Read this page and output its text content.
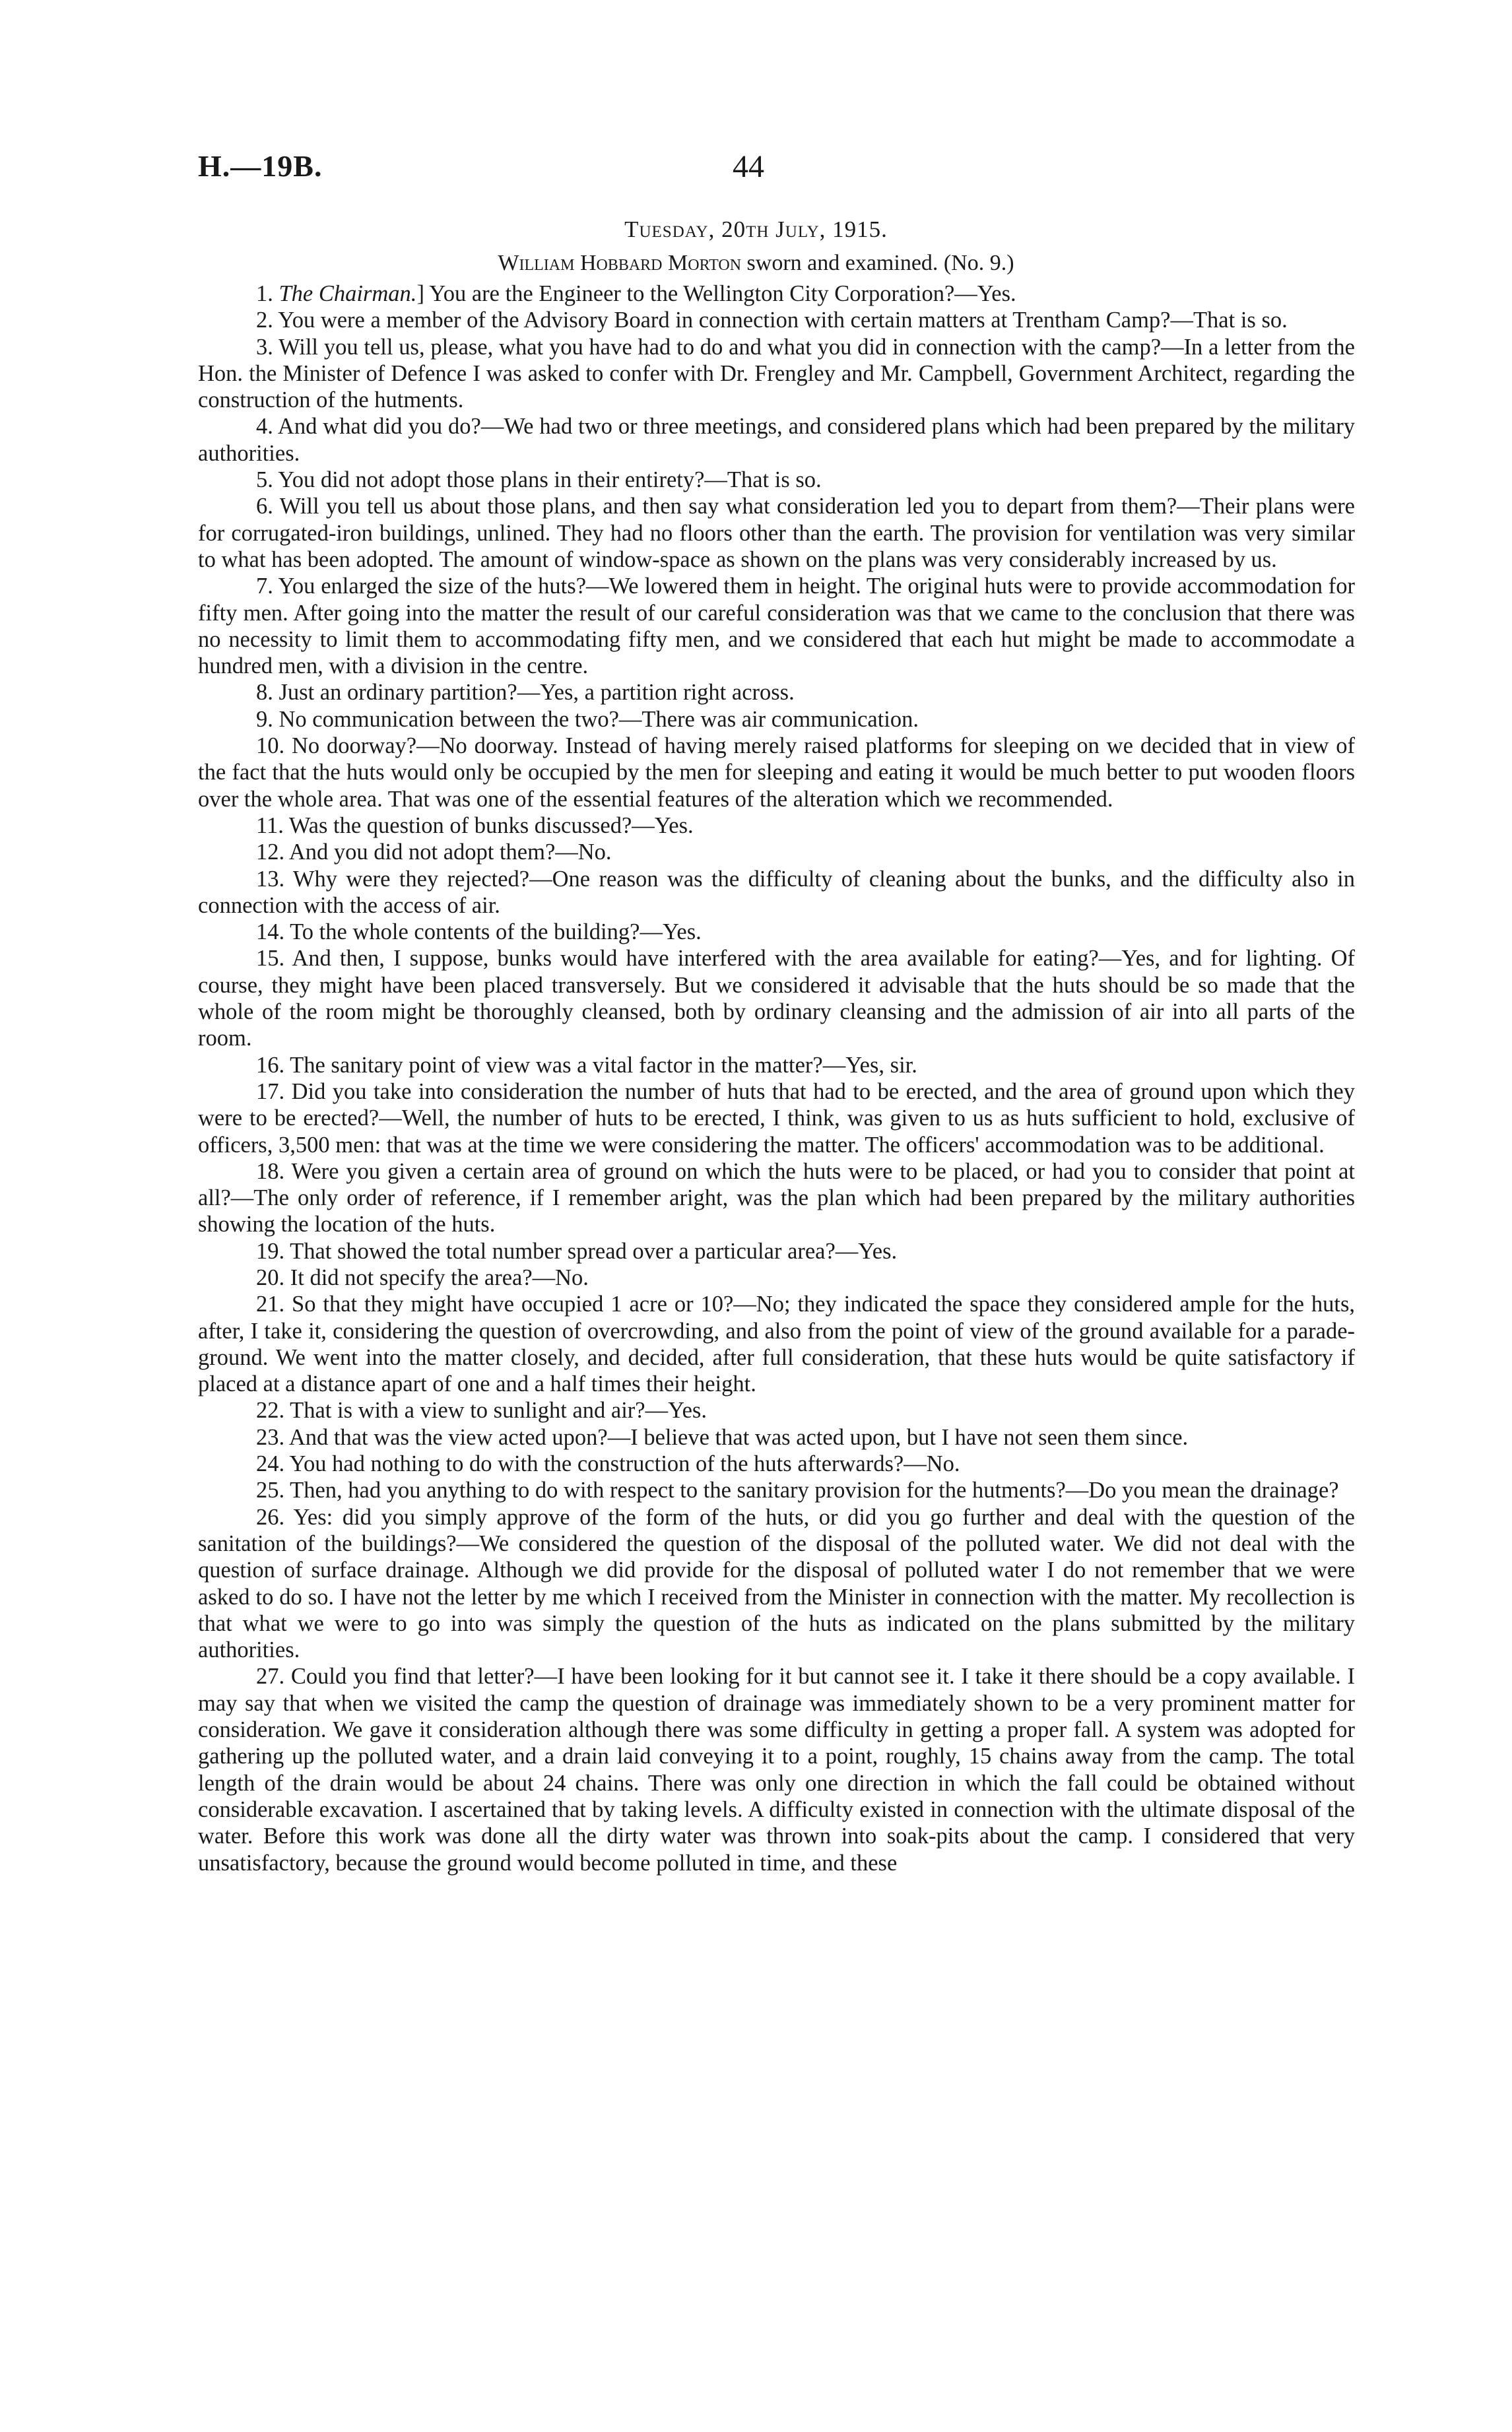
H.—19B.	44
Tuesday, 20th July, 1915.
William Hobbard Morton sworn and examined. (No. 9.)

1. The Chairman.] You are the Engineer to the Wellington City Corporation?—Yes.

2. You were a member of the Advisory Board in connection with certain matters at Trentham Camp?—That is so.

3. Will you tell us, please, what you have had to do and what you did in connection with the camp?—In a letter from the Hon. the Minister of Defence I was asked to confer with Dr. Frengley and Mr. Campbell, Government Architect, regarding the construction of the hutments.

4. And what did you do?—We had two or three meetings, and considered plans which had been prepared by the military authorities.

5. You did not adopt those plans in their entirety?—That is so.

6. Will you tell us about those plans, and then say what consideration led you to depart from them?—Their plans were for corrugated-iron buildings, unlined. They had no floors other than the earth. The provision for ventilation was very similar to what has been adopted. The amount of window-space as shown on the plans was very considerably increased by us.

7. You enlarged the size of the huts?—We lowered them in height. The original huts were to provide accommodation for fifty men. After going into the matter the result of our careful consideration was that we came to the conclusion that there was no necessity to limit them to accommodating fifty men, and we considered that each hut might be made to accommodate a hundred men, with a division in the centre.

8. Just an ordinary partition?—Yes, a partition right across.

9. No communication between the two?—There was air communication.

10. No doorway?—No doorway. Instead of having merely raised platforms for sleeping on we decided that in view of the fact that the huts would only be occupied by the men for sleeping and eating it would be much better to put wooden floors over the whole area. That was one of the essential features of the alteration which we recommended.

11. Was the question of bunks discussed?—Yes.

12. And you did not adopt them?—No.

13. Why were they rejected?—One reason was the difficulty of cleaning about the bunks, and the difficulty also in connection with the access of air.

14. To the whole contents of the building?—Yes.

15. And then, I suppose, bunks would have interfered with the area available for eating?—Yes, and for lighting. Of course, they might have been placed transversely. But we considered it advisable that the huts should be so made that the whole of the room might be thoroughly cleansed, both by ordinary cleansing and the admission of air into all parts of the room.

16. The sanitary point of view was a vital factor in the matter?—Yes, sir.

17. Did you take into consideration the number of huts that had to be erected, and the area of ground upon which they were to be erected?—Well, the number of huts to be erected, I think, was given to us as huts sufficient to hold, exclusive of officers, 3,500 men: that was at the time we were considering the matter. The officers' accommodation was to be additional.

18. Were you given a certain area of ground on which the huts were to be placed, or had you to consider that point at all?—The only order of reference, if I remember aright, was the plan which had been prepared by the military authorities showing the location of the huts.

19. That showed the total number spread over a particular area?—Yes.

20. It did not specify the area?—No.

21. So that they might have occupied 1 acre or 10?—No; they indicated the space they considered ample for the huts, after, I take it, considering the question of overcrowding, and also from the point of view of the ground available for a parade-ground. We went into the matter closely, and decided, after full consideration, that these huts would be quite satisfactory if placed at a distance apart of one and a half times their height.

22. That is with a view to sunlight and air?—Yes.

23. And that was the view acted upon?—I believe that was acted upon, but I have not seen them since.

24. You had nothing to do with the construction of the huts afterwards?—No.

25. Then, had you anything to do with respect to the sanitary provision for the hutments?—Do you mean the drainage?

26. Yes: did you simply approve of the form of the huts, or did you go further and deal with the question of the sanitation of the buildings?—We considered the question of the disposal of the polluted water. We did not deal with the question of surface drainage. Although we did provide for the disposal of polluted water I do not remember that we were asked to do so. I have not the letter by me which I received from the Minister in connection with the matter. My recollection is that what we were to go into was simply the question of the huts as indicated on the plans submitted by the military authorities.

27. Could you find that letter?—I have been looking for it but cannot see it. I take it there should be a copy available. I may say that when we visited the camp the question of drainage was immediately shown to be a very prominent matter for consideration. We gave it consideration although there was some difficulty in getting a proper fall. A system was adopted for gathering up the polluted water, and a drain laid conveying it to a point, roughly, 15 chains away from the camp. The total length of the drain would be about 24 chains. There was only one direction in which the fall could be obtained without considerable excavation. I ascertained that by taking levels. A difficulty existed in connection with the ultimate disposal of the water. Before this work was done all the dirty water was thrown into soak-pits about the camp. I considered that very unsatisfactory, because the ground would become polluted in time, and these
